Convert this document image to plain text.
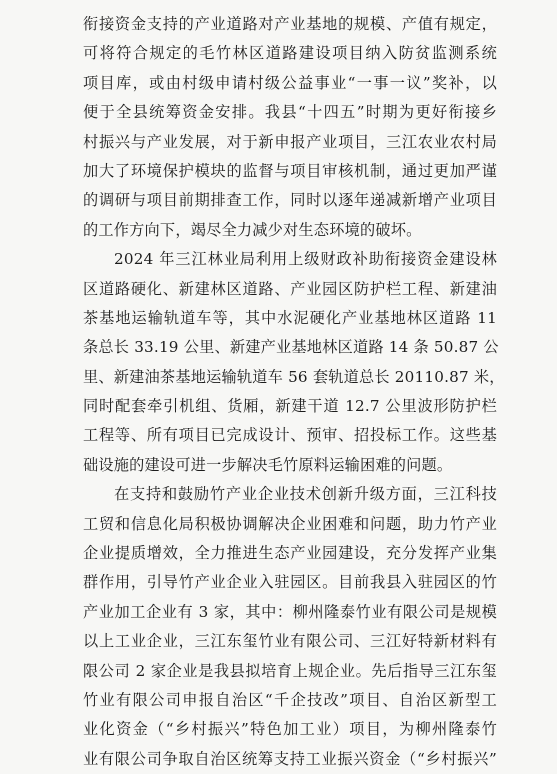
衔接资金支持的产业道路对产业基地的规模、产值有规定，
可将符合规定的毛竹林区道路建设项目纳入防贫监测系统
项目库，或由村级申请村级公益事业“一事一议”奖补，以
便于全县统筹资金安排。我县“十四五”时期为更好衔接乡
村振兴与产业发展，对于新申报产业项目，三江农业农村局
加大了环境保护模块的监督与项目审核机制，通过更加严谨
的调研与项目前期排查工作，同时以逐年递减新增产业项目
的工作方向下，竭尽全力减少对生态环境的破坏。
2024 年三江林业局利用上级财政补助衔接资金建设林
区道路硬化、新建林区道路、产业园区防护栏工程、新建油
茶基地运输轨道车等，其中水泥硬化产业基地林区道路 11
条总长 33.19 公里、新建产业基地林区道路 14 条 50.87 公
里、新建油茶基地运输轨道车 56 套轨道总长 20110.87 米，
同时配套牵引机组、货厢，新建干道 12.7 公里波形防护栏
工程等、所有项目已完成设计、预审、招投标工作。这些基
础设施的建设可进一步解决毛竹原料运输困难的问题。
在支持和鼓励竹产业企业技术创新升级方面，三江科技
工贸和信息化局积极协调解决企业困难和问题，助力竹产业
企业提质增效，全力推进生态产业园建设，充分发挥产业集
群作用，引导竹产业企业入驻园区。目前我县入驻园区的竹
产业加工企业有 3 家，其中：柳州隆泰竹业有限公司是规模
以上工业企业，三江东玺竹业有限公司、三江好特新材料有
限公司 2 家企业是我县拟培育上规企业。先后指导三江东玺
竹业有限公司申报自治区“千企技改”项目、自治区新型工
业化资金（“乡村振兴”特色加工业）项目，为柳州隆泰竹
业有限公司争取自治区统筹支持工业振兴资金（“乡村振兴”
